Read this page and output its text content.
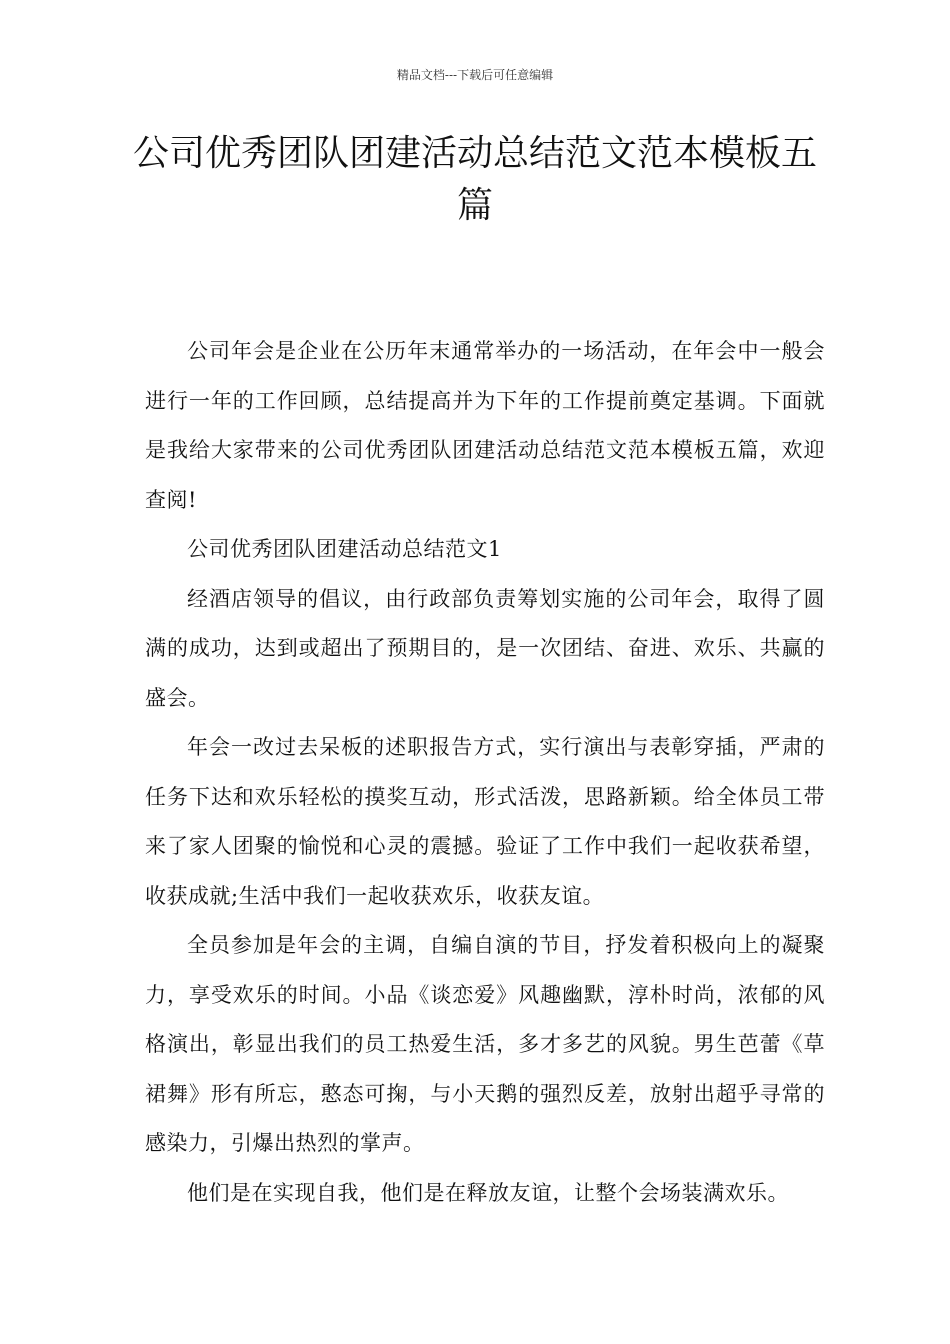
精品文档---下载后可任意编辑
公司优秀团队团建活动总结范文范本模板五篇

公司年会是企业在公历年末通常举办的一场活动，在年会中一般会进行一年的工作回顾，总结提高并为下年的工作提前奠定基调。下面就是我给大家带来的公司优秀团队团建活动总结范文范本模板五篇，欢迎查阅!

公司优秀团队团建活动总结范文1

经酒店领导的倡议，由行政部负责筹划实施的公司年会，取得了圆满的成功，达到或超出了预期目的，是一次团结、奋进、欢乐、共赢的盛会。

年会一改过去呆板的述职报告方式，实行演出与表彰穿插，严肃的任务下达和欢乐轻松的摸奖互动，形式活泼，思路新颖。给全体员工带来了家人团聚的愉悦和心灵的震撼。验证了工作中我们一起收获希望，收获成就;生活中我们一起收获欢乐，收获友谊。

全员参加是年会的主调，自编自演的节目，抒发着积极向上的凝聚力，享受欢乐的时间。小品《谈恋爱》风趣幽默，淳朴时尚，浓郁的风格演出，彰显出我们的员工热爱生活，多才多艺的风貌。男生芭蕾《草裙舞》形有所忘，憨态可掬，与小天鹅的强烈反差，放射出超乎寻常的感染力，引爆出热烈的掌声。

他们是在实现自我，他们是在释放友谊，让整个会场装满欢乐。
